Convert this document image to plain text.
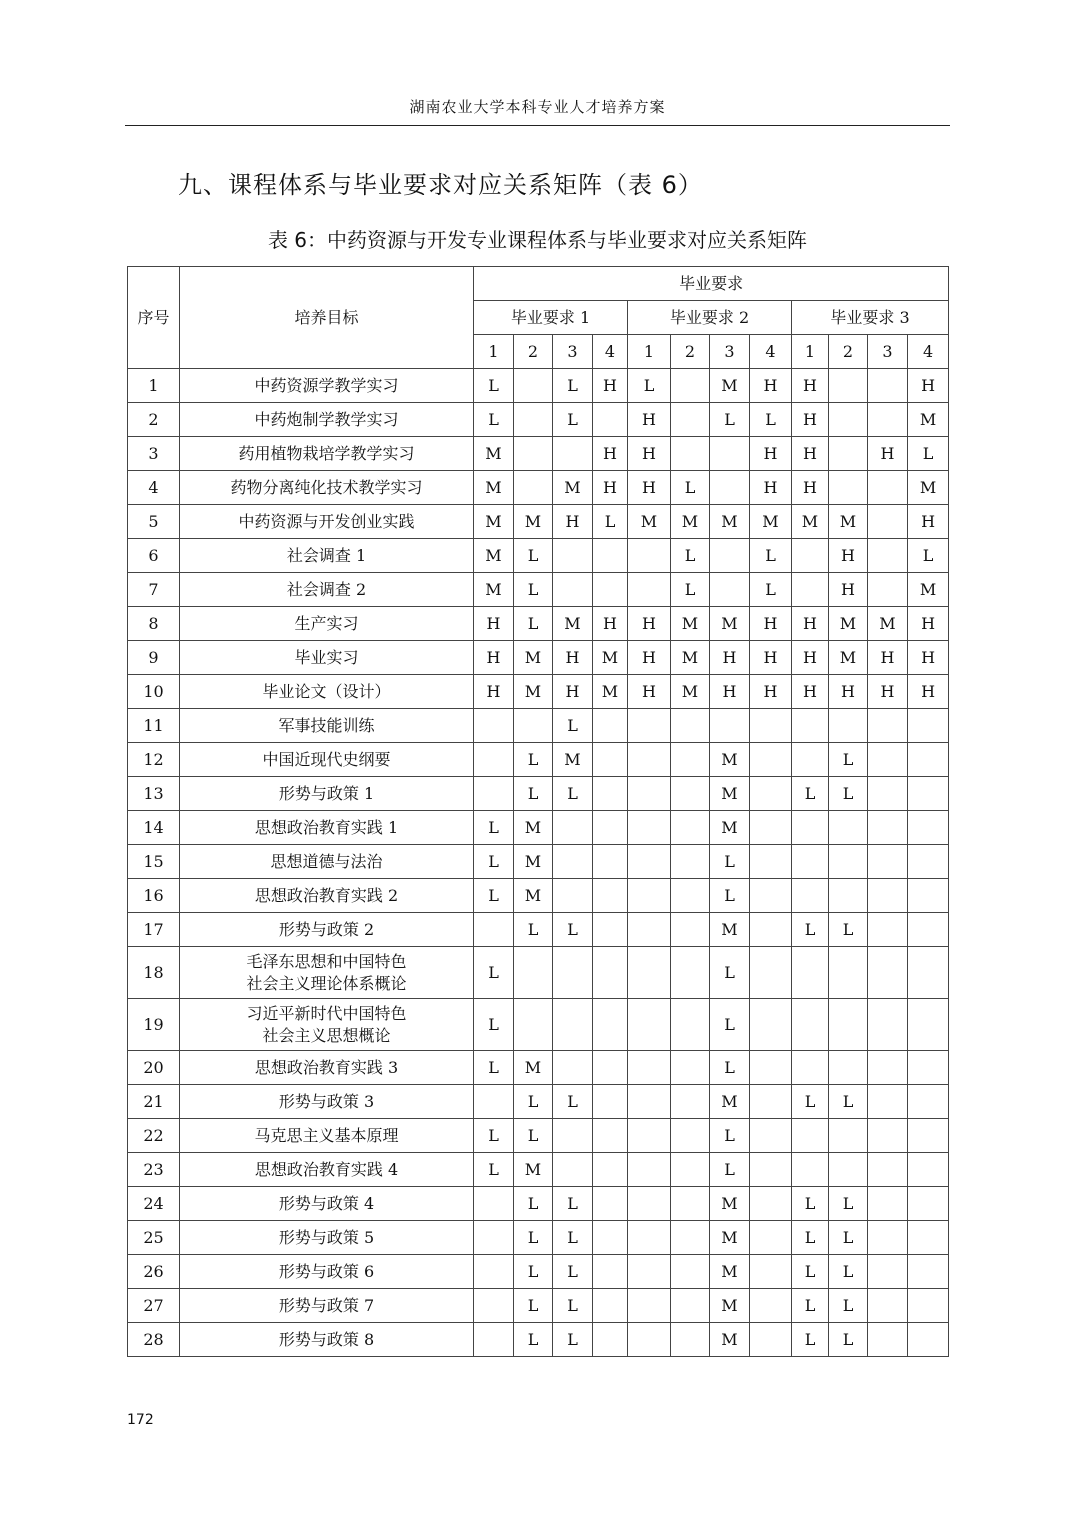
湖南农业大学本科专业人才培养方案
九、课程体系与毕业要求对应关系矩阵（表 6）
表 6：中药资源与开发专业课程体系与毕业要求对应关系矩阵
序号	培养目标	毕业要求											
		毕业要求 1				毕业要求 2				毕业要求 3			
		1	2	3	4	1	2	3	4	1	2	3	4
1	中药资源学教学实习	L		L	H	L		M	H	H			H
2	中药炮制学教学实习	L		L		H		L	L	H			M
3	药用植物栽培学教学实习	M			H	H			H	H		H	L
4	药物分离纯化技术教学实习	M		M	H	H	L		H	H			M
5	中药资源与开发创业实践	M	M	H	L	M	M	M	M	M	M		H
6	社会调查 1	M	L				L		L		H		L
7	社会调查 2	M	L				L		L		H		M
8	生产实习	H	L	M	H	H	M	M	H	H	M	M	H
9	毕业实习	H	M	H	M	H	M	H	H	H	M	H	H
10	毕业论文（设计）	H	M	H	M	H	M	H	H	H	H	H	H
11	军事技能训练			L									
12	中国近现代史纲要		L	M				M			L		
13	形势与政策 1		L	L				M		L	L		
14	思想政治教育实践 1	L	M					M					
15	思想道德与法治	L	M					L					
16	思想政治教育实践 2	L	M					L					
17	形势与政策 2		L	L				M		L	L		
18	毛泽东思想和中国特色
社会主义理论体系概论	L						L					
19	习近平新时代中国特色
社会主义思想概论	L						L					
20	思想政治教育实践 3	L	M					L					
21	形势与政策 3		L	L				M		L	L		
22	马克思主义基本原理	L	L					L					
23	思想政治教育实践 4	L	M					L					
24	形势与政策 4		L	L				M		L	L		
25	形势与政策 5		L	L				M		L	L		
26	形势与政策 6		L	L				M		L	L		
27	形势与政策 7		L	L				M		L	L		
28	形势与政策 8		L	L				M		L	L		
172
